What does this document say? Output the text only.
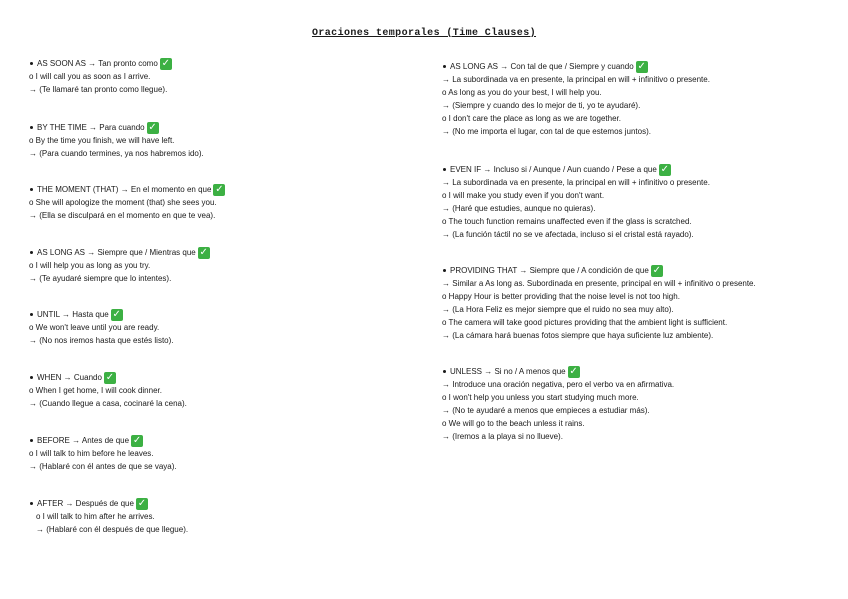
Oraciones temporales (Time Clauses)
AS SOON AS → Tan pronto como ✓
o I will call you as soon as I arrive.
→ (Te llamaré tan pronto como llegue).
BY THE TIME → Para cuando ✓
o By the time you finish, we will have left.
→ (Para cuando termines, ya nos habremos ido).
THE MOMENT (THAT) → En el momento en que ✓
o She will apologize the moment (that) she sees you.
→ (Ella se disculpará en el momento en que te vea).
AS LONG AS → Siempre que / Mientras que ✓
o I will help you as long as you try.
→ (Te ayudaré siempre que lo intentes).
UNTIL → Hasta que ✓
o We won't leave until you are ready.
→ (No nos iremos hasta que estés listo).
WHEN → Cuando ✓
o When I get home, I will cook dinner.
→ (Cuando llegue a casa, cocinaré la cena).
BEFORE → Antes de que ✓
o I will talk to him before he leaves.
→ (Hablaré con él antes de que se vaya).
AFTER → Después de que ✓
o I will talk to him after he arrives.
→ (Hablaré con él después de que llegue).
AS LONG AS → Con tal de que / Siempre y cuando ✓
→ La subordinada va en presente, la principal en will + infinitivo o presente.
o As long as you do your best, I will help you.
→ (Siempre y cuando des lo mejor de ti, yo te ayudaré).
o I don't care the place as long as we are together.
→ (No me importa el lugar, con tal de que estemos juntos).
EVEN IF → Incluso si / Aunque / Aun cuando / Pese a que ✓
→ La subordinada va en presente, la principal en will + infinitivo o presente.
o I will make you study even if you don't want.
→ (Haré que estudies, aunque no quieras).
o The touch function remains unaffected even if the glass is scratched.
→ (La función táctil no se ve afectada, incluso si el cristal está rayado).
PROVIDING THAT → Siempre que / A condición de que ✓
→ Similar a As long as. Subordinada en presente, principal en will + infinitivo o presente.
o Happy Hour is better providing that the noise level is not too high.
→ (La Hora Feliz es mejor siempre que el ruido no sea muy alto).
o The camera will take good pictures providing that the ambient light is sufficient.
→ (La cámara hará buenas fotos siempre que haya suficiente luz ambiente).
UNLESS → Si no / A menos que ✓
→ Introduce una oración negativa, pero el verbo va en afirmativa.
o I won't help you unless you start studying much more.
→ (No te ayudaré a menos que empieces a estudiar más).
o We will go to the beach unless it rains.
→ (Iremos a la playa si no llueve).
